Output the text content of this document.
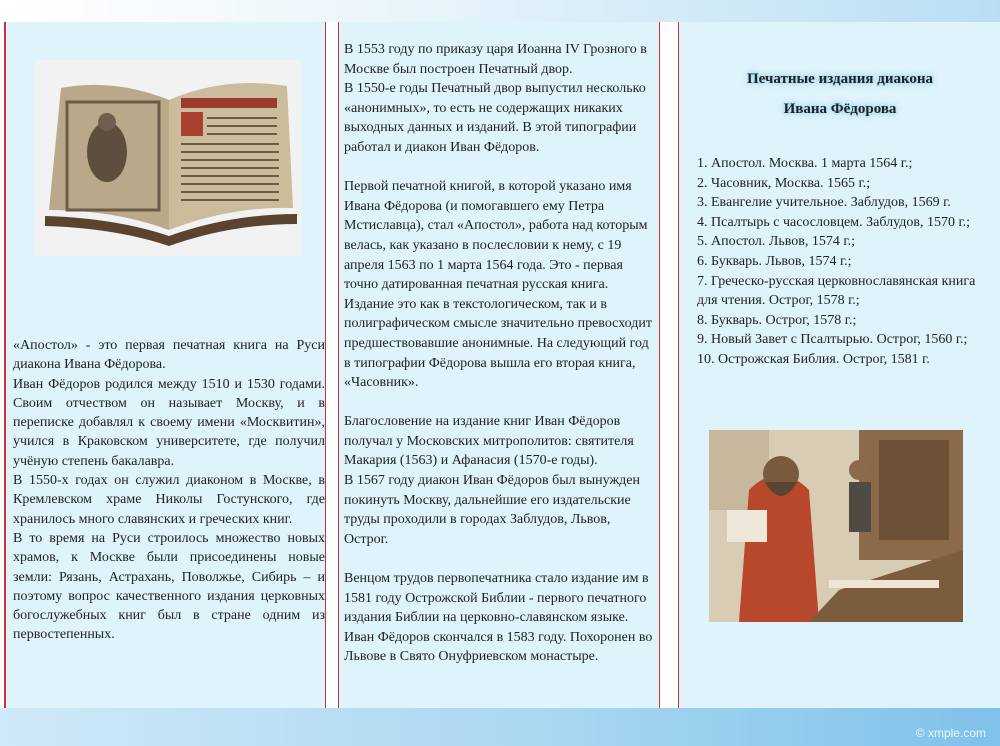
«Апостол» - это первая печатная книга на Руси диакона Ивана Фёдорова.

Иван Фёдоров родился между 1510 и 1530 годами. Своим отчеством он называет Москву, и в переписке добавлял к своему имени «Москвитин», учился в Краковском университете, где получил учёную степень бакалавра.

В 1550-х годах он служил диаконом в Москве, в Кремлевском храме Николы Гостунского, где хранилось много славянских и греческих книг.

В то время на Руси строилось множество новых храмов, к Москве были присоединены новые земли: Рязань, Астрахань, Поволжье, Сибирь – и поэтому вопрос качественного издания церковных богослужебных книг был в стране одним из первостепенных.

В 1553 году по приказу царя Иоанна IV Грозного в Москве был построен Печатный двор.

В 1550-е годы Печатный двор выпустил несколько «анонимных», то есть не содержащих никаких выходных данных и изданий. В этой типографии работал и диакон Иван Фёдоров.

Первой печатной книгой, в которой указано имя Ивана Фёдорова (и помогавшего ему Петра Мстиславца), стал «Апостол», работа над которым велась, как указано в послесловии к нему, с 19 апреля 1563 по 1 марта 1564 года. Это - первая точно датированная печатная русская книга. Издание это как в текстологическом, так и в полиграфическом смысле значительно превосходит предшествовавшие анонимные. На следующий год в типографии Фёдорова вышла его вторая книга, «Часовник».

Благословение на издание книг Иван Фёдоров получал у Московских митрополитов: святителя Макария (1563) и Афанасия (1570-е годы).

В 1567 году диакон Иван Фёдоров был вынужден покинуть Москву, дальнейшие его издательские труды проходили в городах Заблудов, Львов, Острог.

Венцом трудов первопечатника стало издание им в 1581 году Острожской Библии - первого печатного издания Библии на церковно-славянском языке.

Иван Фёдоров скончался в 1583 году. Похоронен во Львове в Свято Онуфриевском монастыре.

Печатные издания диакона
Ивана Фёдорова
1. Апостол. Москва. 1 марта 1564 г.;
2. Часовник, Москва. 1565 г.;
3. Евангелие учительное. Заблудов, 1569 г.
4. Псалтырь с часословцем. Заблудов, 1570 г.;
5. Апостол. Львов, 1574 г.;
6. Букварь. Львов, 1574 г.;
7. Греческо-русская церковнославянская книга для чтения. Острог, 1578 г.;
8. Букварь. Острог, 1578 г.;
9. Новый Завет с Псалтырью. Острог, 1560 г.;
10. Острожская Библия. Острог, 1581 г.
© xmple.com
